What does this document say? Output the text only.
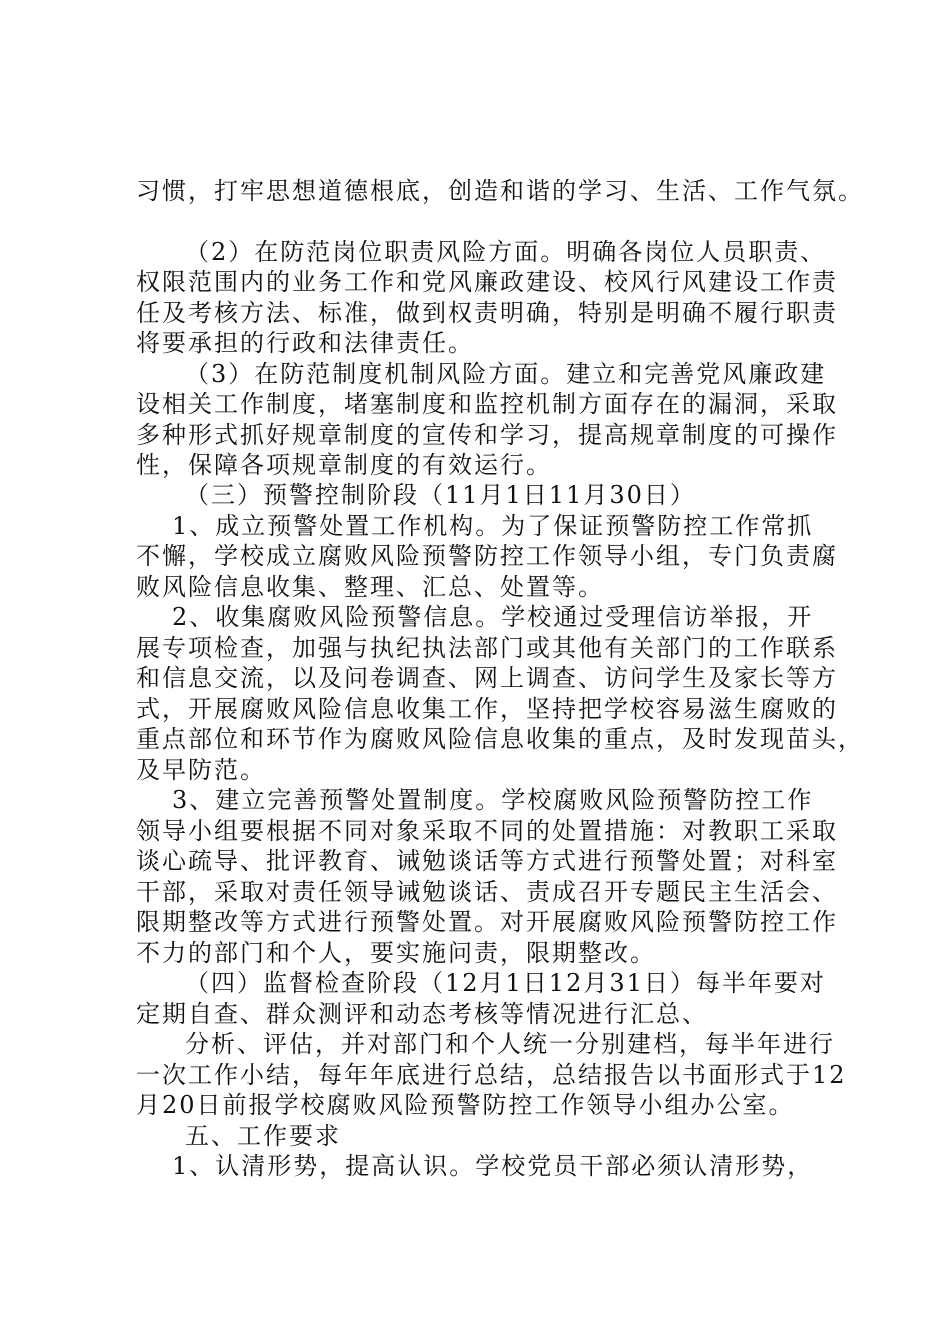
习惯，打牢思想道德根底，创造和谐的学习、生活、工作气氛。
（2）在防范岗位职责风险方面。明确各岗位人员职责、
权限范围内的业务工作和党风廉政建设、校风行风建设工作责
任及考核方法、标准，做到权责明确，特别是明确不履行职责
将要承担的行政和法律责任。
（3）在防范制度机制风险方面。建立和完善党风廉政建
设相关工作制度，堵塞制度和监控机制方面存在的漏洞，采取
多种形式抓好规章制度的宣传和学习，提高规章制度的可操作
性，保障各项规章制度的有效运行。
（三）预警控制阶段（11月1日11月30日）
1、成立预警处置工作机构。为了保证预警防控工作常抓
不懈，学校成立腐败风险预警防控工作领导小组，专门负责腐
败风险信息收集、整理、汇总、处置等。
2、收集腐败风险预警信息。学校通过受理信访举报，开
展专项检查，加强与执纪执法部门或其他有关部门的工作联系
和信息交流，以及问卷调查、网上调查、访问学生及家长等方
式，开展腐败风险信息收集工作，坚持把学校容易滋生腐败的
重点部位和环节作为腐败风险信息收集的重点，及时发现苗头，
及早防范。
3、建立完善预警处置制度。学校腐败风险预警防控工作
领导小组要根据不同对象采取不同的处置措施：对教职工采取
谈心疏导、批评教育、诫勉谈话等方式进行预警处置；对科室
干部，采取对责任领导诫勉谈话、责成召开专题民主生活会、
限期整改等方式进行预警处置。对开展腐败风险预警防控工作
不力的部门和个人，要实施问责，限期整改。
（四）监督检查阶段（12月1日12月31日）每半年要对
定期自查、群众测评和动态考核等情况进行汇总、
分析、评估，并对部门和个人统一分别建档，每半年进行
一次工作小结，每年年底进行总结，总结报告以书面形式于12
月20日前报学校腐败风险预警防控工作领导小组办公室。
五、工作要求
1、认清形势，提高认识。学校党员干部必须认清形势，
